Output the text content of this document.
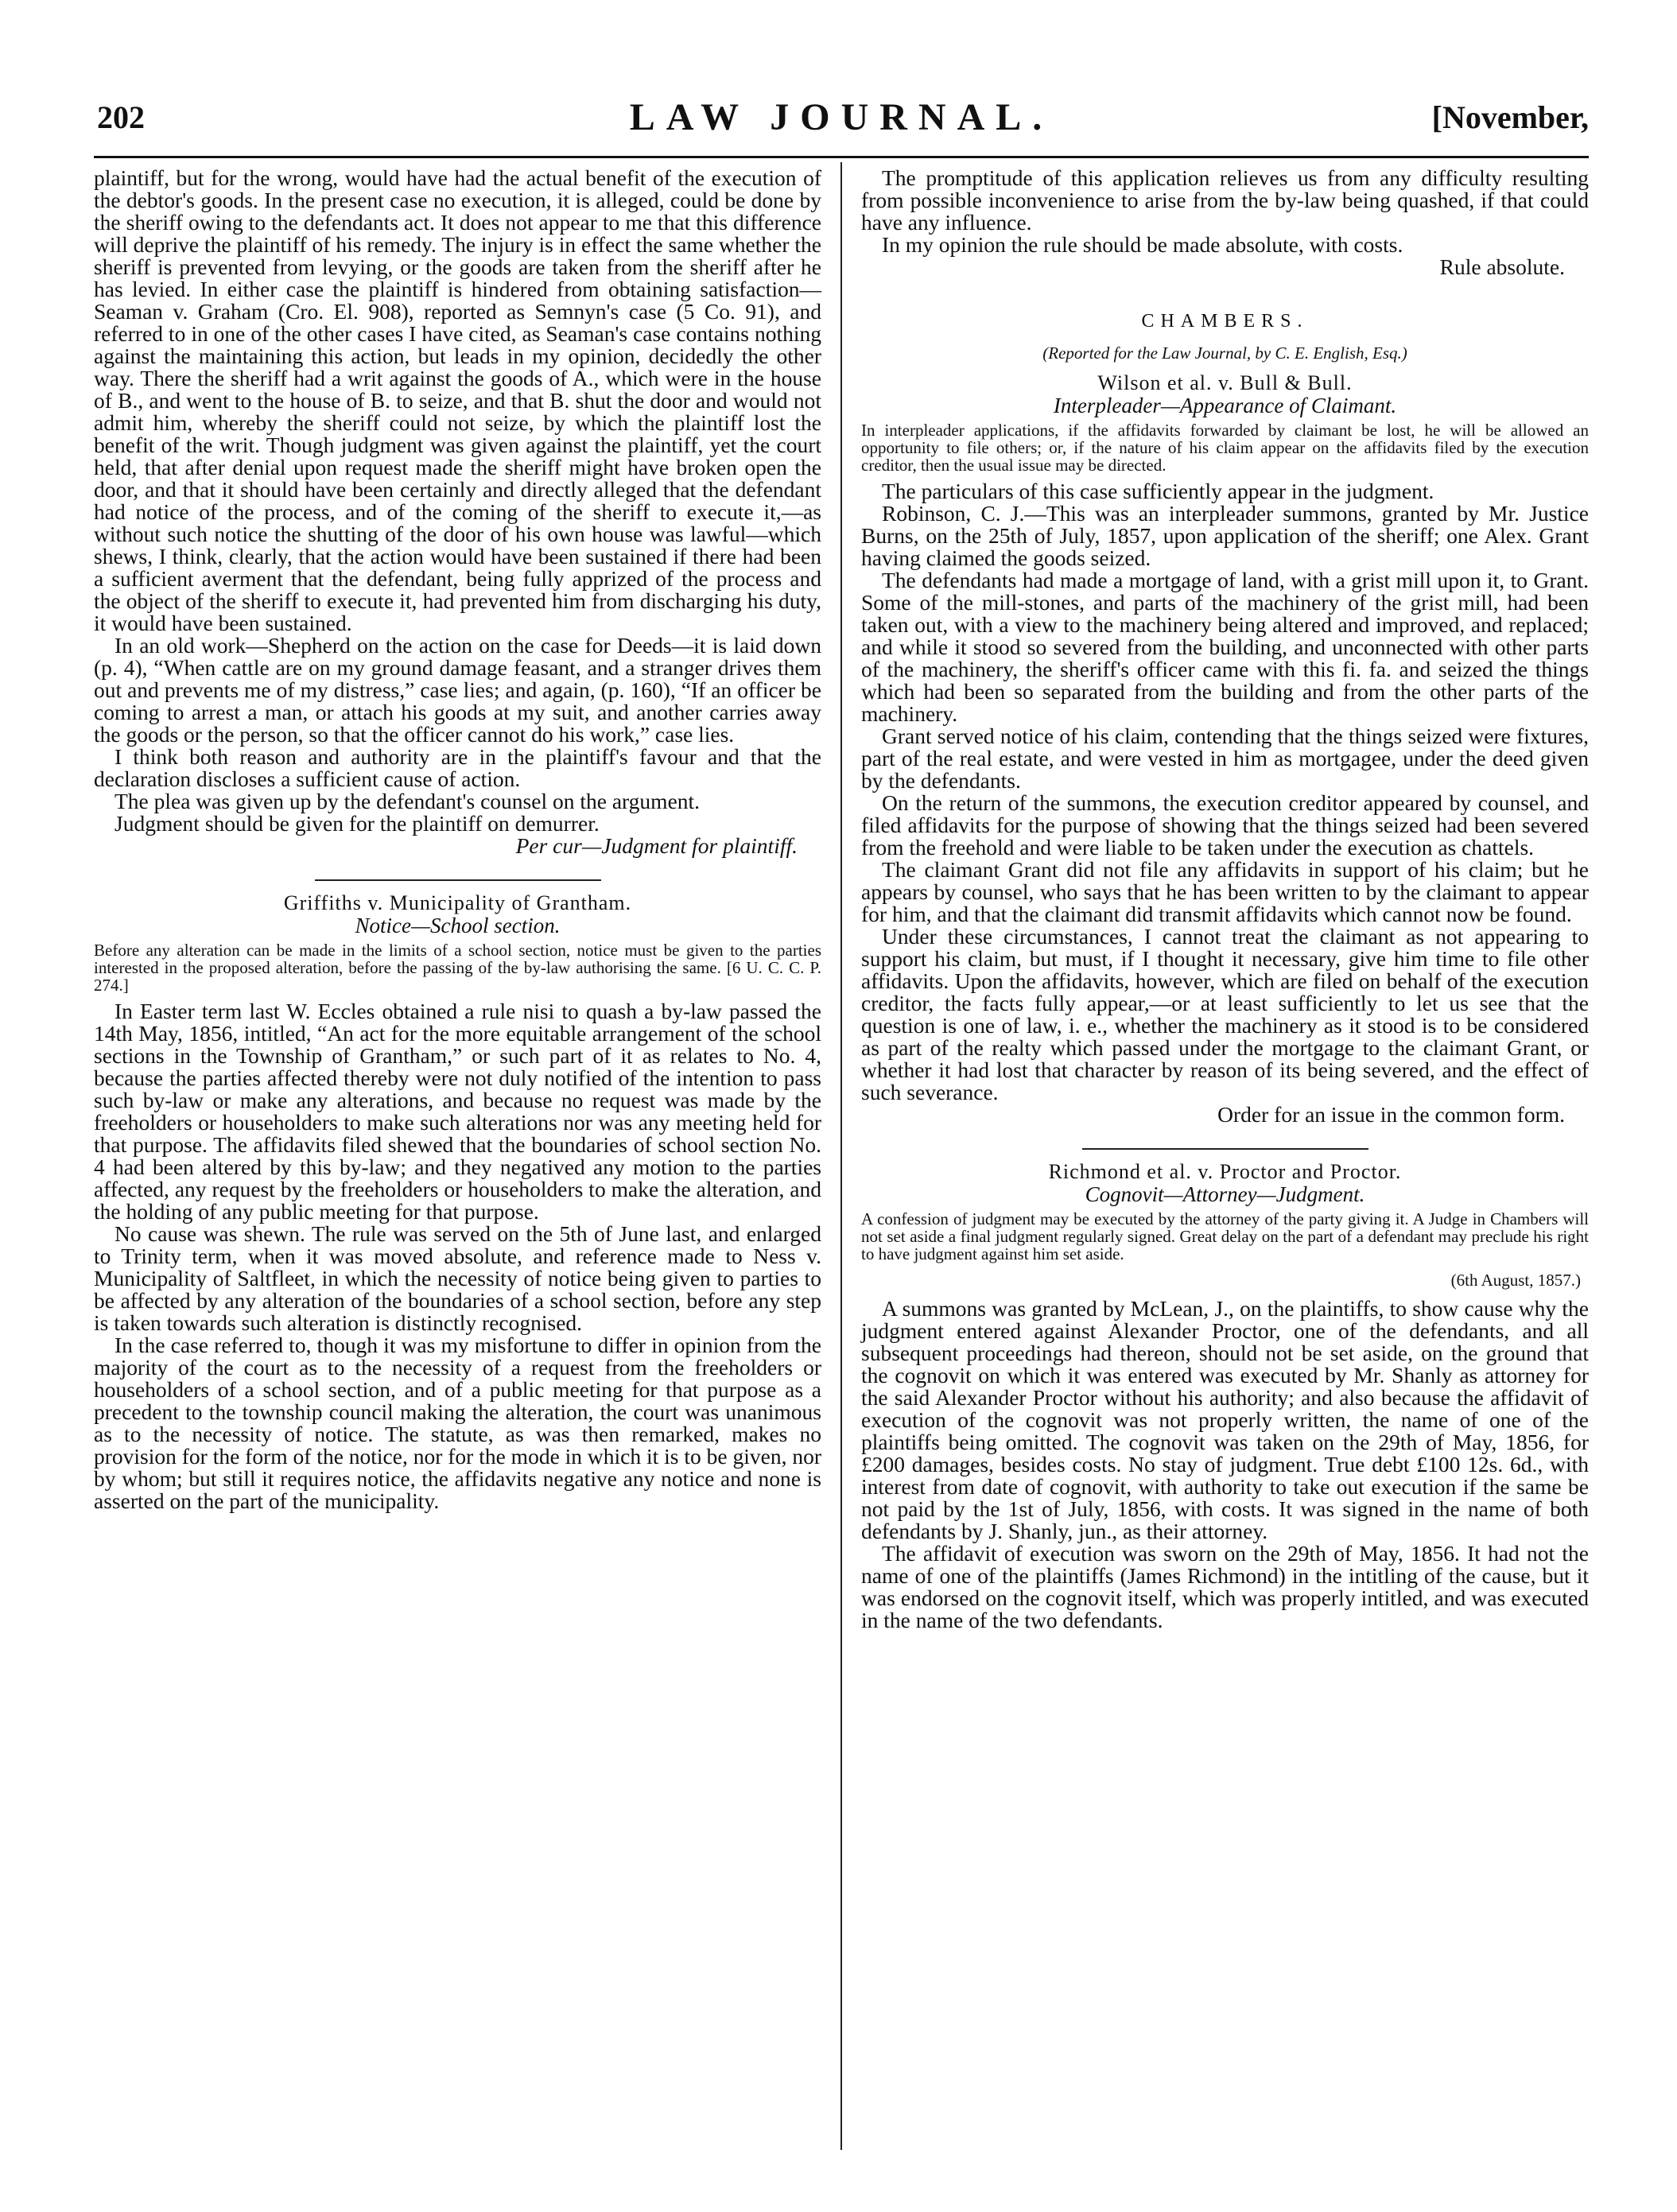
202	LAW JOURNAL.	[November,

plaintiff, but for the wrong, would have had the actual benefit of the execution of the debtor's goods. In the present case no execution, it is alleged, could be done by the sheriff owing to the defendants act. It does not appear to me that this difference will deprive the plaintiff of his remedy. The injury is in effect the same whether the sheriff is prevented from levying, or the goods are taken from the sheriff after he has levied. In either case the plaintiff is hindered from obtaining satisfaction—Seaman v. Graham (Cro. El. 908), reported as Semnyn's case (5 Co. 91), and referred to in one of the other cases I have cited, as Seaman's case contains nothing against the maintaining this action, but leads in my opinion, decidedly the other way. There the sheriff had a writ against the goods of A., which were in the house of B., and went to the house of B. to seize, and that B. shut the door and would not admit him, whereby the sheriff could not seize, by which the plaintiff lost the benefit of the writ. Though judgment was given against the plaintiff, yet the court held, that after denial upon request made the sheriff might have broken open the door, and that it should have been certainly and directly alleged that the defendant had notice of the process, and of the coming of the sheriff to execute it,—as without such notice the shutting of the door of his own house was lawful—which shews, I think, clearly, that the action would have been sustained if there had been a sufficient averment that the defendant, being fully apprized of the process and the object of the sheriff to execute it, had prevented him from discharging his duty, it would have been sustained.

In an old work—Shepherd on the action on the case for Deeds—it is laid down (p. 4), “When cattle are on my ground damage feasant, and a stranger drives them out and prevents me of my distress,” case lies; and again, (p. 160), “If an officer be coming to arrest a man, or attach his goods at my suit, and another carries away the goods or the person, so that the officer cannot do his work,” case lies.

I think both reason and authority are in the plaintiff's favour and that the declaration discloses a sufficient cause of action.

The plea was given up by the defendant's counsel on the argument.

Judgment should be given for the plaintiff on demurrer.

Per cur—Judgment for plaintiff.

Griffiths v. Municipality of Grantham.

Notice—School section.

Before any alteration can be made in the limits of a school section, notice must be given to the parties interested in the proposed alteration, before the passing of the by-law authorising the same. [6 U. C. C. P. 274.]

In Easter term last W. Eccles obtained a rule nisi to quash a by-law passed the 14th May, 1856, intitled, “An act for the more equitable arrangement of the school sections in the Township of Grantham,” or such part of it as relates to No. 4, because the parties affected thereby were not duly notified of the intention to pass such by-law or make any alterations, and because no request was made by the freeholders or householders to make such alterations nor was any meeting held for that purpose. The affidavits filed shewed that the boundaries of school section No. 4 had been altered by this by-law; and they negatived any motion to the parties affected, any request by the freeholders or householders to make the alteration, and the holding of any public meeting for that purpose.

No cause was shewn. The rule was served on the 5th of June last, and enlarged to Trinity term, when it was moved absolute, and reference made to Ness v. Municipality of Saltfleet, in which the necessity of notice being given to parties to be affected by any alteration of the boundaries of a school section, before any step is taken towards such alteration is distinctly recognised.

In the case referred to, though it was my misfortune to differ in opinion from the majority of the court as to the necessity of a request from the freeholders or householders of a school section, and of a public meeting for that purpose as a precedent to the township council making the alteration, the court was unanimous as to the necessity of notice. The statute, as was then remarked, makes no provision for the form of the notice, nor for the mode in which it is to be given, nor by whom; but still it requires notice, the affidavits negative any notice and none is asserted on the part of the municipality.

The promptitude of this application relieves us from any difficulty resulting from possible inconvenience to arise from the by-law being quashed, if that could have any influence.

In my opinion the rule should be made absolute, with costs.

Rule absolute.

CHAMBERS.

(Reported for the Law Journal, by C. E. English, Esq.)

Wilson et al. v. Bull & Bull.

Interpleader—Appearance of Claimant.

In interpleader applications, if the affidavits forwarded by claimant be lost, he will be allowed an opportunity to file others; or, if the nature of his claim appear on the affidavits filed by the execution creditor, then the usual issue may be directed.

The particulars of this case sufficiently appear in the judgment.

Robinson, C. J.—This was an interpleader summons, granted by Mr. Justice Burns, on the 25th of July, 1857, upon application of the sheriff; one Alex. Grant having claimed the goods seized.

The defendants had made a mortgage of land, with a grist mill upon it, to Grant. Some of the mill-stones, and parts of the machinery of the grist mill, had been taken out, with a view to the machinery being altered and improved, and replaced; and while it stood so severed from the building, and unconnected with other parts of the machinery, the sheriff's officer came with this fi. fa. and seized the things which had been so separated from the building and from the other parts of the machinery.

Grant served notice of his claim, contending that the things seized were fixtures, part of the real estate, and were vested in him as mortgagee, under the deed given by the defendants.

On the return of the summons, the execution creditor appeared by counsel, and filed affidavits for the purpose of showing that the things seized had been severed from the freehold and were liable to be taken under the execution as chattels.

The claimant Grant did not file any affidavits in support of his claim; but he appears by counsel, who says that he has been written to by the claimant to appear for him, and that the claimant did transmit affidavits which cannot now be found.

Under these circumstances, I cannot treat the claimant as not appearing to support his claim, but must, if I thought it necessary, give him time to file other affidavits. Upon the affidavits, however, which are filed on behalf of the execution creditor, the facts fully appear,—or at least sufficiently to let us see that the question is one of law, i. e., whether the machinery as it stood is to be considered as part of the realty which passed under the mortgage to the claimant Grant, or whether it had lost that character by reason of its being severed, and the effect of such severance.

Order for an issue in the common form.

Richmond et al. v. Proctor and Proctor.

Cognovit—Attorney—Judgment.

A confession of judgment may be executed by the attorney of the party giving it. A Judge in Chambers will not set aside a final judgment regularly signed. Great delay on the part of a defendant may preclude his right to have judgment against him set aside.

(6th August, 1857.)

A summons was granted by McLean, J., on the plaintiffs, to show cause why the judgment entered against Alexander Proctor, one of the defendants, and all subsequent proceedings had thereon, should not be set aside, on the ground that the cognovit on which it was entered was executed by Mr. Shanly as attorney for the said Alexander Proctor without his authority; and also because the affidavit of execution of the cognovit was not properly written, the name of one of the plaintiffs being omitted. The cognovit was taken on the 29th of May, 1856, for £200 damages, besides costs. No stay of judgment. True debt £100 12s. 6d., with interest from date of cognovit, with authority to take out execution if the same be not paid by the 1st of July, 1856, with costs. It was signed in the name of both defendants by J. Shanly, jun., as their attorney.

The affidavit of execution was sworn on the 29th of May, 1856. It had not the name of one of the plaintiffs (James Richmond) in the intitling of the cause, but it was endorsed on the cognovit itself, which was properly intitled, and was executed in the name of the two defendants.
